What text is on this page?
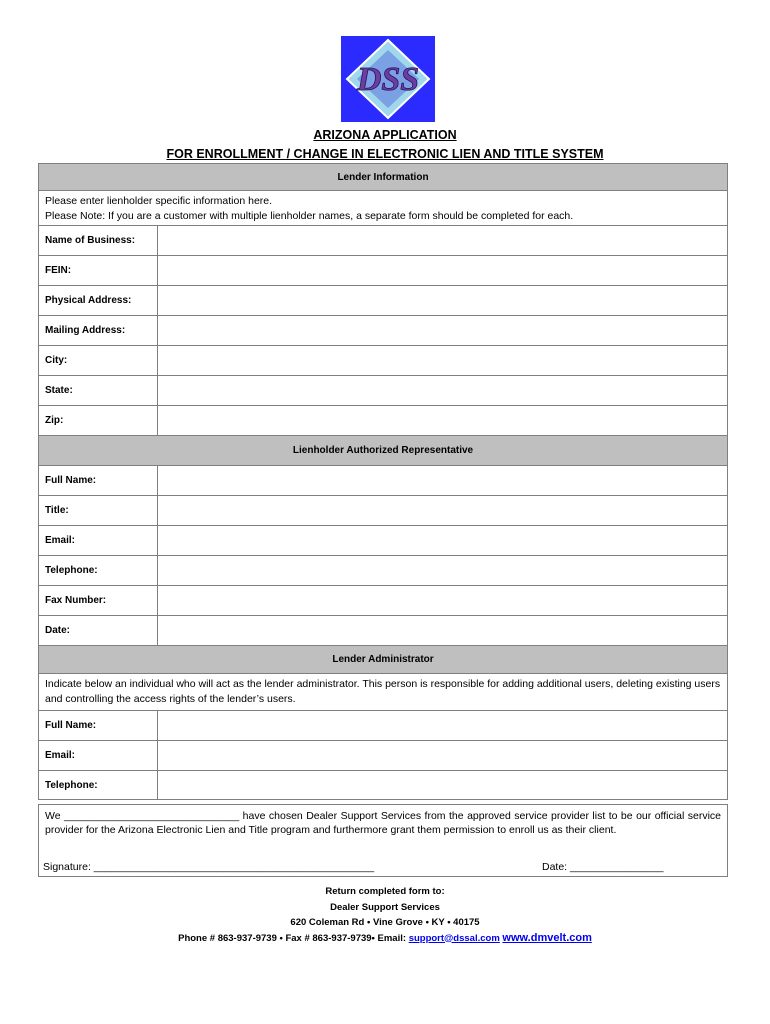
DSS
ARIZONA APPLICATION
FOR ENROLLMENT / CHANGE IN ELECTRONIC LIEN AND TITLE SYSTEM
Lender Information
Please enter lienholder specific information here.
Please Note: If you are a customer with multiple lienholder names, a separate form should be completed for each.
Name of Business:
FEIN:
Physical Address:
Mailing Address:
City:
State:
Zip:
Lienholder Authorized Representative
Full Name:
Title:
Email:
Telephone:
Fax Number:
Date:
Lender Administrator
Indicate below an individual who will act as the lender administrator. This person is responsible for adding additional users, deleting existing users and controlling the access rights of the lender’s users.
Full Name:
Email:
Telephone:
We ______________________________ have chosen Dealer Support Services from the approved service provider list to be our official service provider for the Arizona Electronic Lien and Title program and furthermore grant them permission to enroll us as their client.
Signature: ________________________________________________	Date: ________________
Return completed form to:
Dealer Support Services
620 Coleman Rd • Vine Grove • KY • 40175
Phone # 863-937-9739 • Fax # 863-937-9739• Email: support@dssal.com www.dmvelt.com
